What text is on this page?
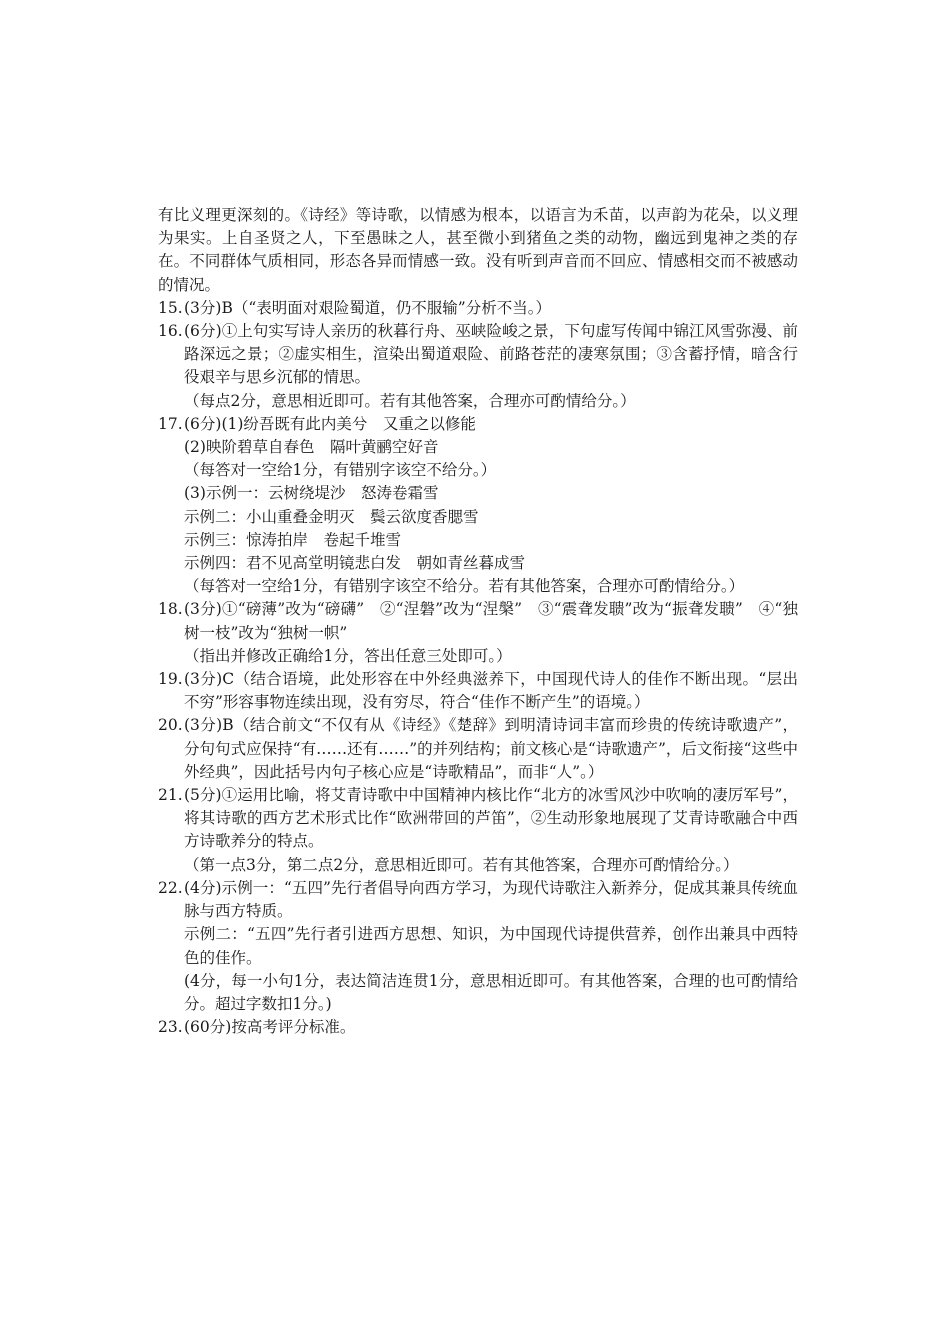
有比义理更深刻的。《诗经》等诗歌，以情感为根本，以语言为禾苗，以声韵为花朵，以义理为果实。上自圣贤之人，下至愚昧之人，甚至微小到猪鱼之类的动物，幽远到鬼神之类的存在。不同群体气质相同，形态各异而情感一致。没有听到声音而不回应、情感相交而不被感动的情况。

15. (3分)B（“表明面对艰险蜀道，仍不服输”分析不当。）

16. (6分)①上句实写诗人亲历的秋暮行舟、巫峡险峻之景，下句虚写传闻中锦江风雪弥漫、前路深远之景；②虚实相生，渲染出蜀道艰险、前路苍茫的凄寒氛围；③含蓄抒情，暗含行役艰辛与思乡沉郁的情思。

（每点2分，意思相近即可。若有其他答案，合理亦可酌情给分。）

17. (6分)(1)纷吾既有此内美兮　又重之以修能

(2)映阶碧草自春色　隔叶黄鹂空好音

（每答对一空给1分，有错别字该空不给分。）

(3)示例一：云树绕堤沙　怒涛卷霜雪

示例二：小山重叠金明灭　鬓云欲度香腮雪

示例三：惊涛拍岸　卷起千堆雪

示例四：君不见高堂明镜悲白发　朝如青丝暮成雪

（每答对一空给1分，有错别字该空不给分。若有其他答案，合理亦可酌情给分。）

18. (3分)①“磅薄”改为“磅礴”　②“涅磐”改为“涅槃”　③“震聋发聩”改为“振聋发聩”　④“独树一枝”改为“独树一帜”

（指出并修改正确给1分，答出任意三处即可。）

19. (3分)C（结合语境，此处形容在中外经典滋养下，中国现代诗人的佳作不断出现。“层出不穷”形容事物连续出现，没有穷尽，符合“佳作不断产生”的语境。）

20. (3分)B（结合前文“不仅有从《诗经》《楚辞》到明清诗词丰富而珍贵的传统诗歌遗产”，分句句式应保持“有……还有……”的并列结构；前文核心是“诗歌遗产”，后文衔接“这些中外经典”，因此括号内句子核心应是“诗歌精品”，而非“人”。）

21. (5分)①运用比喻，将艾青诗歌中中国精神内核比作“北方的冰雪风沙中吹响的凄厉军号”，将其诗歌的西方艺术形式比作“欧洲带回的芦笛”，②生动形象地展现了艾青诗歌融合中西方诗歌养分的特点。

（第一点3分，第二点2分，意思相近即可。若有其他答案，合理亦可酌情给分。）

22. (4分)示例一：“五四”先行者倡导向西方学习，为现代诗歌注入新养分，促成其兼具传统血脉与西方特质。

示例二：“五四”先行者引进西方思想、知识，为中国现代诗提供营养，创作出兼具中西特色的佳作。

(4分，每一小句1分，表达简洁连贯1分，意思相近即可。有其他答案，合理的也可酌情给分。超过字数扣1分。)

23. (60分)按高考评分标准。
